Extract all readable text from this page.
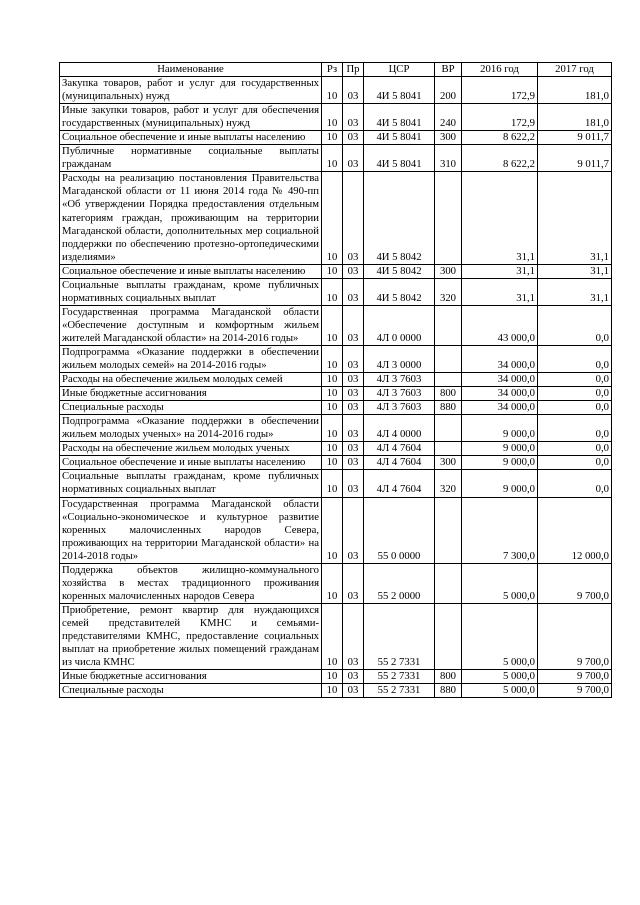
Наименование	Рз	Пр	ЦСР	ВР	2016 год	2017 год
Закупка товаров, работ и услуг для государственных (муниципальных) нужд	10	03	4И 5 8041	200	172,9	181,0
Иные закупки товаров, работ и услуг для обеспечения государственных (муниципальных) нужд	10	03	4И 5 8041	240	172,9	181,0
Социальное обеспечение и иные выплаты населению	10	03	4И 5 8041	300	8 622,2	9 011,7
Публичные нормативные социальные выплаты гражданам	10	03	4И 5 8041	310	8 622,2	9 011,7
Расходы на реализацию постановления Правительства Магаданской области от 11 июня 2014 года № 490-пп «Об утверждении Порядка предоставления отдельным категориям граждан, проживающим на территории Магаданской области, дополнительных мер социальной поддержки по обеспечению протезно-ортопедическими изделиями»	10	03	4И 5 8042		31,1	31,1
Социальное обеспечение и иные выплаты населению	10	03	4И 5 8042	300	31,1	31,1
Социальные выплаты гражданам, кроме публичных нормативных социальных выплат	10	03	4И 5 8042	320	31,1	31,1
Государственная программа Магаданской области «Обеспечение доступным и комфортным жильем жителей Магаданской области» на 2014-2016 годы»	10	03	4Л 0 0000		43 000,0	0,0
Подпрограмма «Оказание поддержки в обеспечении жильем молодых семей» на 2014-2016 годы»	10	03	4Л 3 0000		34 000,0	0,0
Расходы на обеспечение жильем молодых семей	10	03	4Л 3 7603		34 000,0	0,0
Иные бюджетные ассигнования	10	03	4Л 3 7603	800	34 000,0	0,0
Специальные расходы	10	03	4Л 3 7603	880	34 000,0	0,0
Подпрограмма «Оказание поддержки в обеспечении жильем молодых ученых» на 2014-2016 годы»	10	03	4Л 4 0000		9 000,0	0,0
Расходы на обеспечение жильем молодых ученых	10	03	4Л 4 7604		9 000,0	0,0
Социальное обеспечение и иные выплаты населению	10	03	4Л 4 7604	300	9 000,0	0,0
Социальные выплаты гражданам, кроме публичных нормативных социальных выплат	10	03	4Л 4 7604	320	9 000,0	0,0
Государственная программа Магаданской области «Социально-экономическое и культурное развитие коренных малочисленных народов Севера, проживающих на территории Магаданской области» на 2014-2018 годы»	10	03	55 0 0000		7 300,0	12 000,0
Поддержка объектов жилищно-коммунального хозяйства в местах традиционного проживания коренных малочисленных народов Севера	10	03	55 2 0000		5 000,0	9 700,0
Приобретение, ремонт квартир для нуждающихся семей представителей КМНС и семьями-представителями КМНС, предоставление социальных выплат на приобретение жилых помещений гражданам из числа КМНС	10	03	55 2 7331		5 000,0	9 700,0
Иные бюджетные ассигнования	10	03	55 2 7331	800	5 000,0	9 700,0
Специальные расходы	10	03	55 2 7331	880	5 000,0	9 700,0
